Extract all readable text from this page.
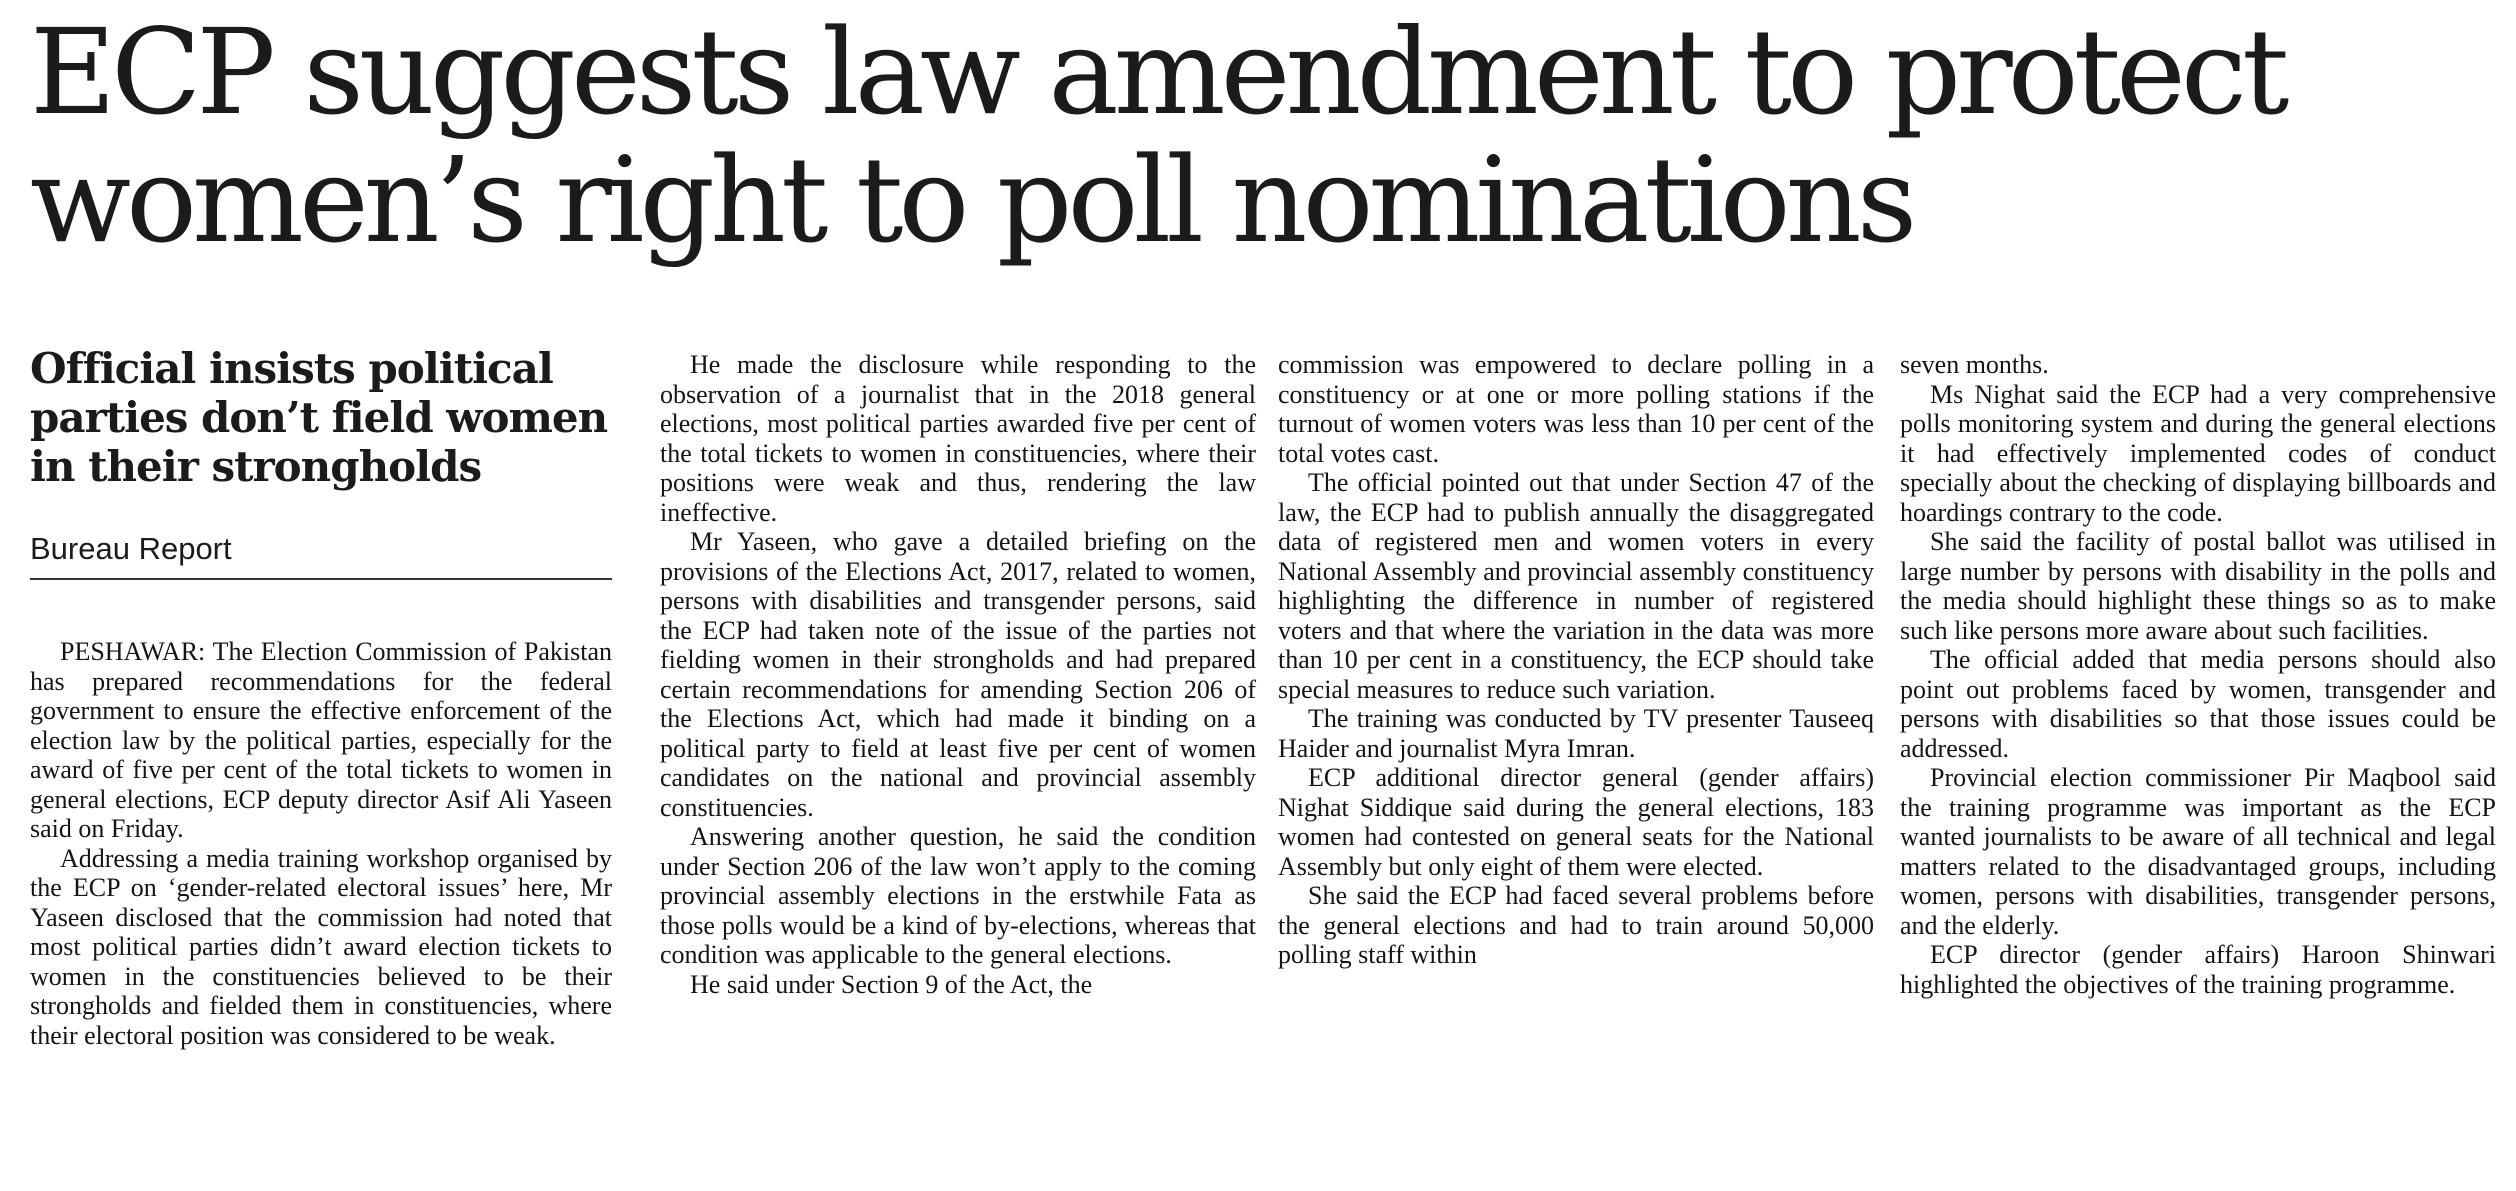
ECP suggests law amendment to protect
women’s right to poll nominations
Official insists political
parties don’t field women
in their strongholds
Bureau Report

PESHAWAR: The Election Commission of Pakistan has prepared recommendations for the federal government to ensure the effective enforcement of the election law by the political parties, especially for the award of five per cent of the total tickets to women in general elections, ECP deputy director Asif Ali Yaseen said on Friday.

Addressing a media training workshop organised by the ECP on ‘gender-related electoral issues’ here, Mr Yaseen disclosed that the commission had noted that most political parties didn’t award election tickets to women in the constituencies believed to be their strongholds and fielded them in constituencies, where their electoral position was considered to be weak.

He made the disclosure while responding to the observation of a journalist that in the 2018 general elections, most political parties awarded five per cent of the total tickets to women in constituencies, where their positions were weak and thus, rendering the law ineffective.

Mr Yaseen, who gave a detailed briefing on the provisions of the Elections Act, 2017, related to women, persons with disabilities and transgender persons, said the ECP had taken note of the issue of the parties not fielding women in their strongholds and had prepared certain recommendations for amending Section 206 of the Elections Act, which had made it binding on a political party to field at least five per cent of women candidates on the national and provincial assembly constituencies.

Answering another question, he said the condition under Section 206 of the law won’t apply to the coming provincial assembly elections in the erstwhile Fata as those polls would be a kind of by-elections, whereas that condition was applicable to the general elections.

He said under Section 9 of the Act, the

commission was empowered to declare polling in a constituency or at one or more polling stations if the turnout of women voters was less than 10 per cent of the total votes cast.

The official pointed out that under Section 47 of the law, the ECP had to publish annually the disaggregated data of registered men and women voters in every National Assembly and provincial assembly constituency highlighting the difference in number of registered voters and that where the variation in the data was more than 10 per cent in a constituency, the ECP should take special measures to reduce such variation.

The training was conducted by TV presenter Tauseeq Haider and journalist Myra Imran.

ECP additional director general (gender affairs) Nighat Siddique said during the general elections, 183 women had contested on general seats for the National Assembly but only eight of them were elected.

She said the ECP had faced several problems before the general elections and had to train around 50,000 polling staff within

seven months.

Ms Nighat said the ECP had a very comprehensive polls monitoring system and during the general elections it had effectively implemented codes of conduct specially about the checking of displaying billboards and hoardings contrary to the code.

She said the facility of postal ballot was utilised in large number by persons with disability in the polls and the media should highlight these things so as to make such like persons more aware about such facilities.

The official added that media persons should also point out problems faced by women, transgender and persons with disabilities so that those issues could be addressed.

Provincial election commissioner Pir Maqbool said the training programme was important as the ECP wanted journalists to be aware of all technical and legal matters related to the disadvantaged groups, including women, persons with disabilities, transgender persons, and the elderly.

ECP director (gender affairs) Haroon Shinwari highlighted the objectives of the training programme.
